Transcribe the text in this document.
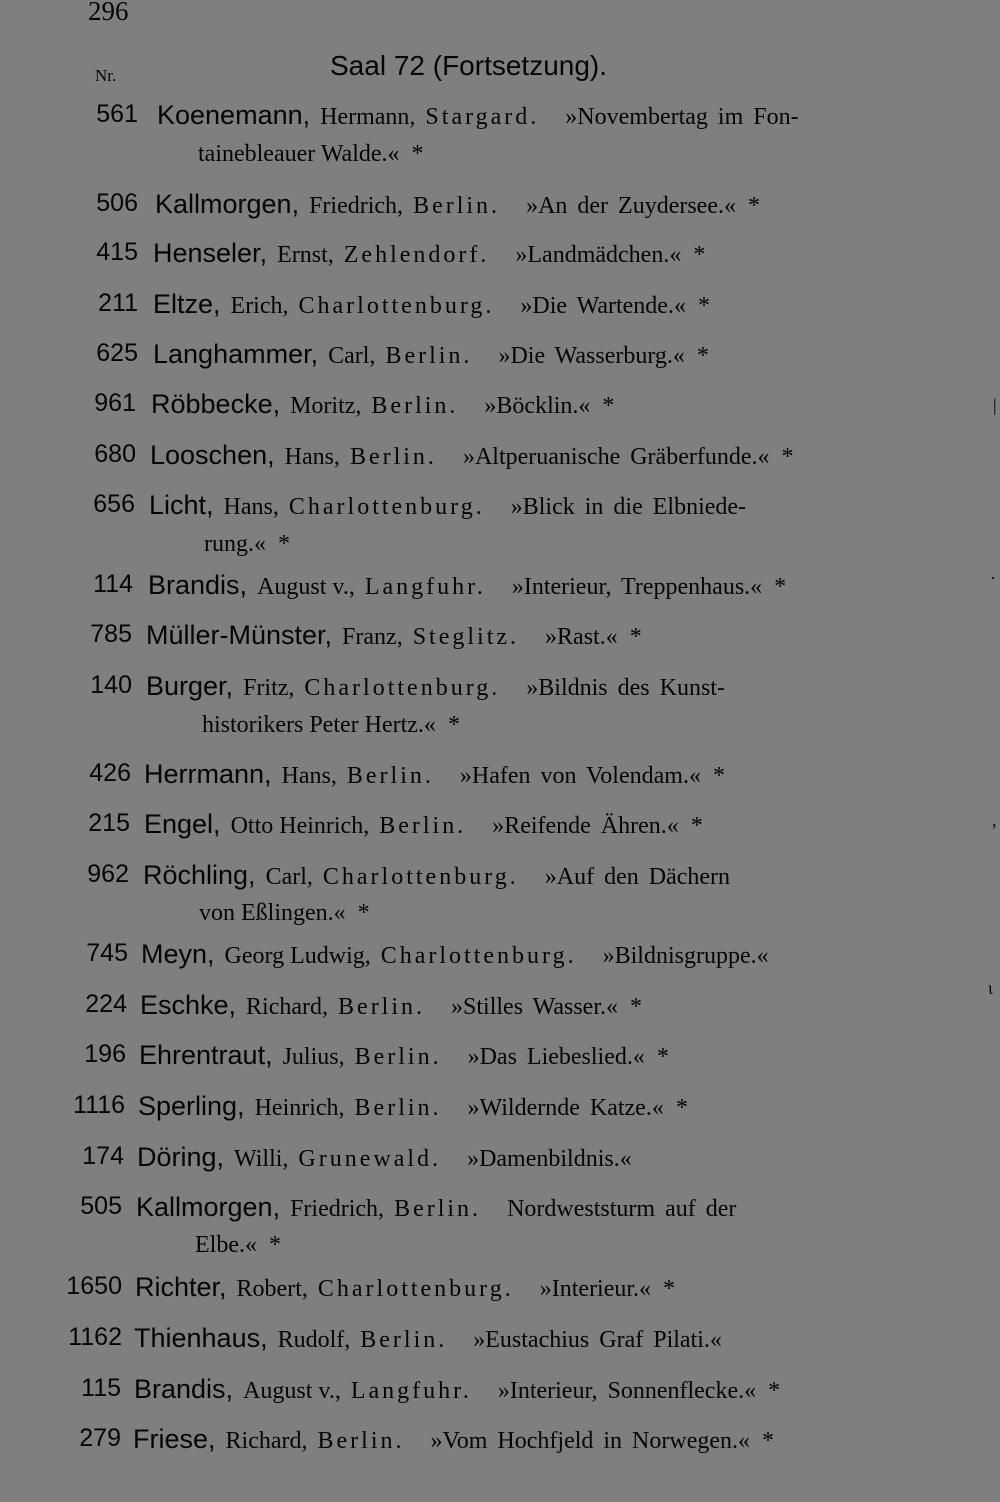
296
Nr.	Saal 72 (Fortsetzung).
561 Koenemann, Hermann, Stargard. »Novembertag im Fon-
tainebleauer Walde.« *
506 Kallmorgen, Friedrich, Berlin. »An der Zuydersee.« *
415 Henseler, Ernst, Zehlendorf. »Landmädchen.« *
211 Eltze, Erich, Charlottenburg. »Die Wartende.« *
625 Langhammer, Carl, Berlin. »Die Wasserburg.« *
961 Röbbecke, Moritz, Berlin. »Böcklin.« *
680 Looschen, Hans, Berlin. »Altperuanische Gräberfunde.« *
656 Licht, Hans, Charlottenburg. »Blick in die Elbniede-
rung.« *
114 Brandis, August v., Langfuhr. »Interieur, Treppenhaus.« *
785 Müller-Münster, Franz, Steglitz. »Rast.« *
140 Burger, Fritz, Charlottenburg. »Bildnis des Kunst-
historikers Peter Hertz.« *
426 Herrmann, Hans, Berlin. »Hafen von Volendam.« *
215 Engel, Otto Heinrich, Berlin. »Reifende Ähren.« *
962 Röchling, Carl, Charlottenburg. »Auf den Dächern
von Eßlingen.« *
745 Meyn, Georg Ludwig, Charlottenburg. »Bildnisgruppe.«
224 Eschke, Richard, Berlin. »Stilles Wasser.« *
196 Ehrentraut, Julius, Berlin. »Das Liebeslied.« *
1116 Sperling, Heinrich, Berlin. »Wildernde Katze.« *
174 Döring, Willi, Grunewald. »Damenbildnis.«
505 Kallmorgen, Friedrich, Berlin. Nordweststurm auf der
Elbe.« *
1650 Richter, Robert, Charlottenburg. »Interieur.« *
1162 Thienhaus, Rudolf, Berlin. »Eustachius Graf Pilati.«
115 Brandis, August v., Langfuhr. »Interieur, Sonnenflecke.« *
279 Friese, Richard, Berlin. »Vom Hochfjeld in Norwegen.« *
|
·
,
ι
